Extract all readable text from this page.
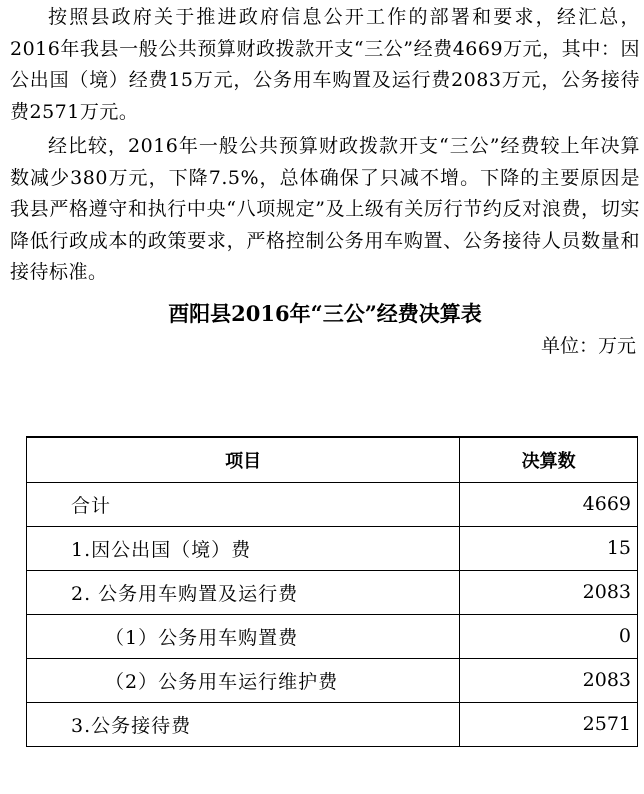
按照县政府关于推进政府信息公开工作的部署和要求，经汇总，2016年我县一般公共预算财政拨款开支“三公”经费4669万元，其中：因公出国（境）经费15万元，公务用车购置及运行费2083万元，公务接待费2571万元。

经比较，2016年一般公共预算财政拨款开支“三公”经费较上年决算数减少380万元，下降7.5%，总体确保了只减不增。下降的主要原因是我县严格遵守和执行中央“八项规定”及上级有关厉行节约反对浪费，切实降低行政成本的政策要求，严格控制公务用车购置、公务接待人员数量和接待标准。

酉阳县2016年“三公”经费决算表
单位：万元
项目	决算数
合计	4669
1.因公出国（境）费	15
2. 公务用车购置及运行费	2083
（1）公务用车购置费	0
（2）公务用车运行维护费	2083
3.公务接待费	2571
